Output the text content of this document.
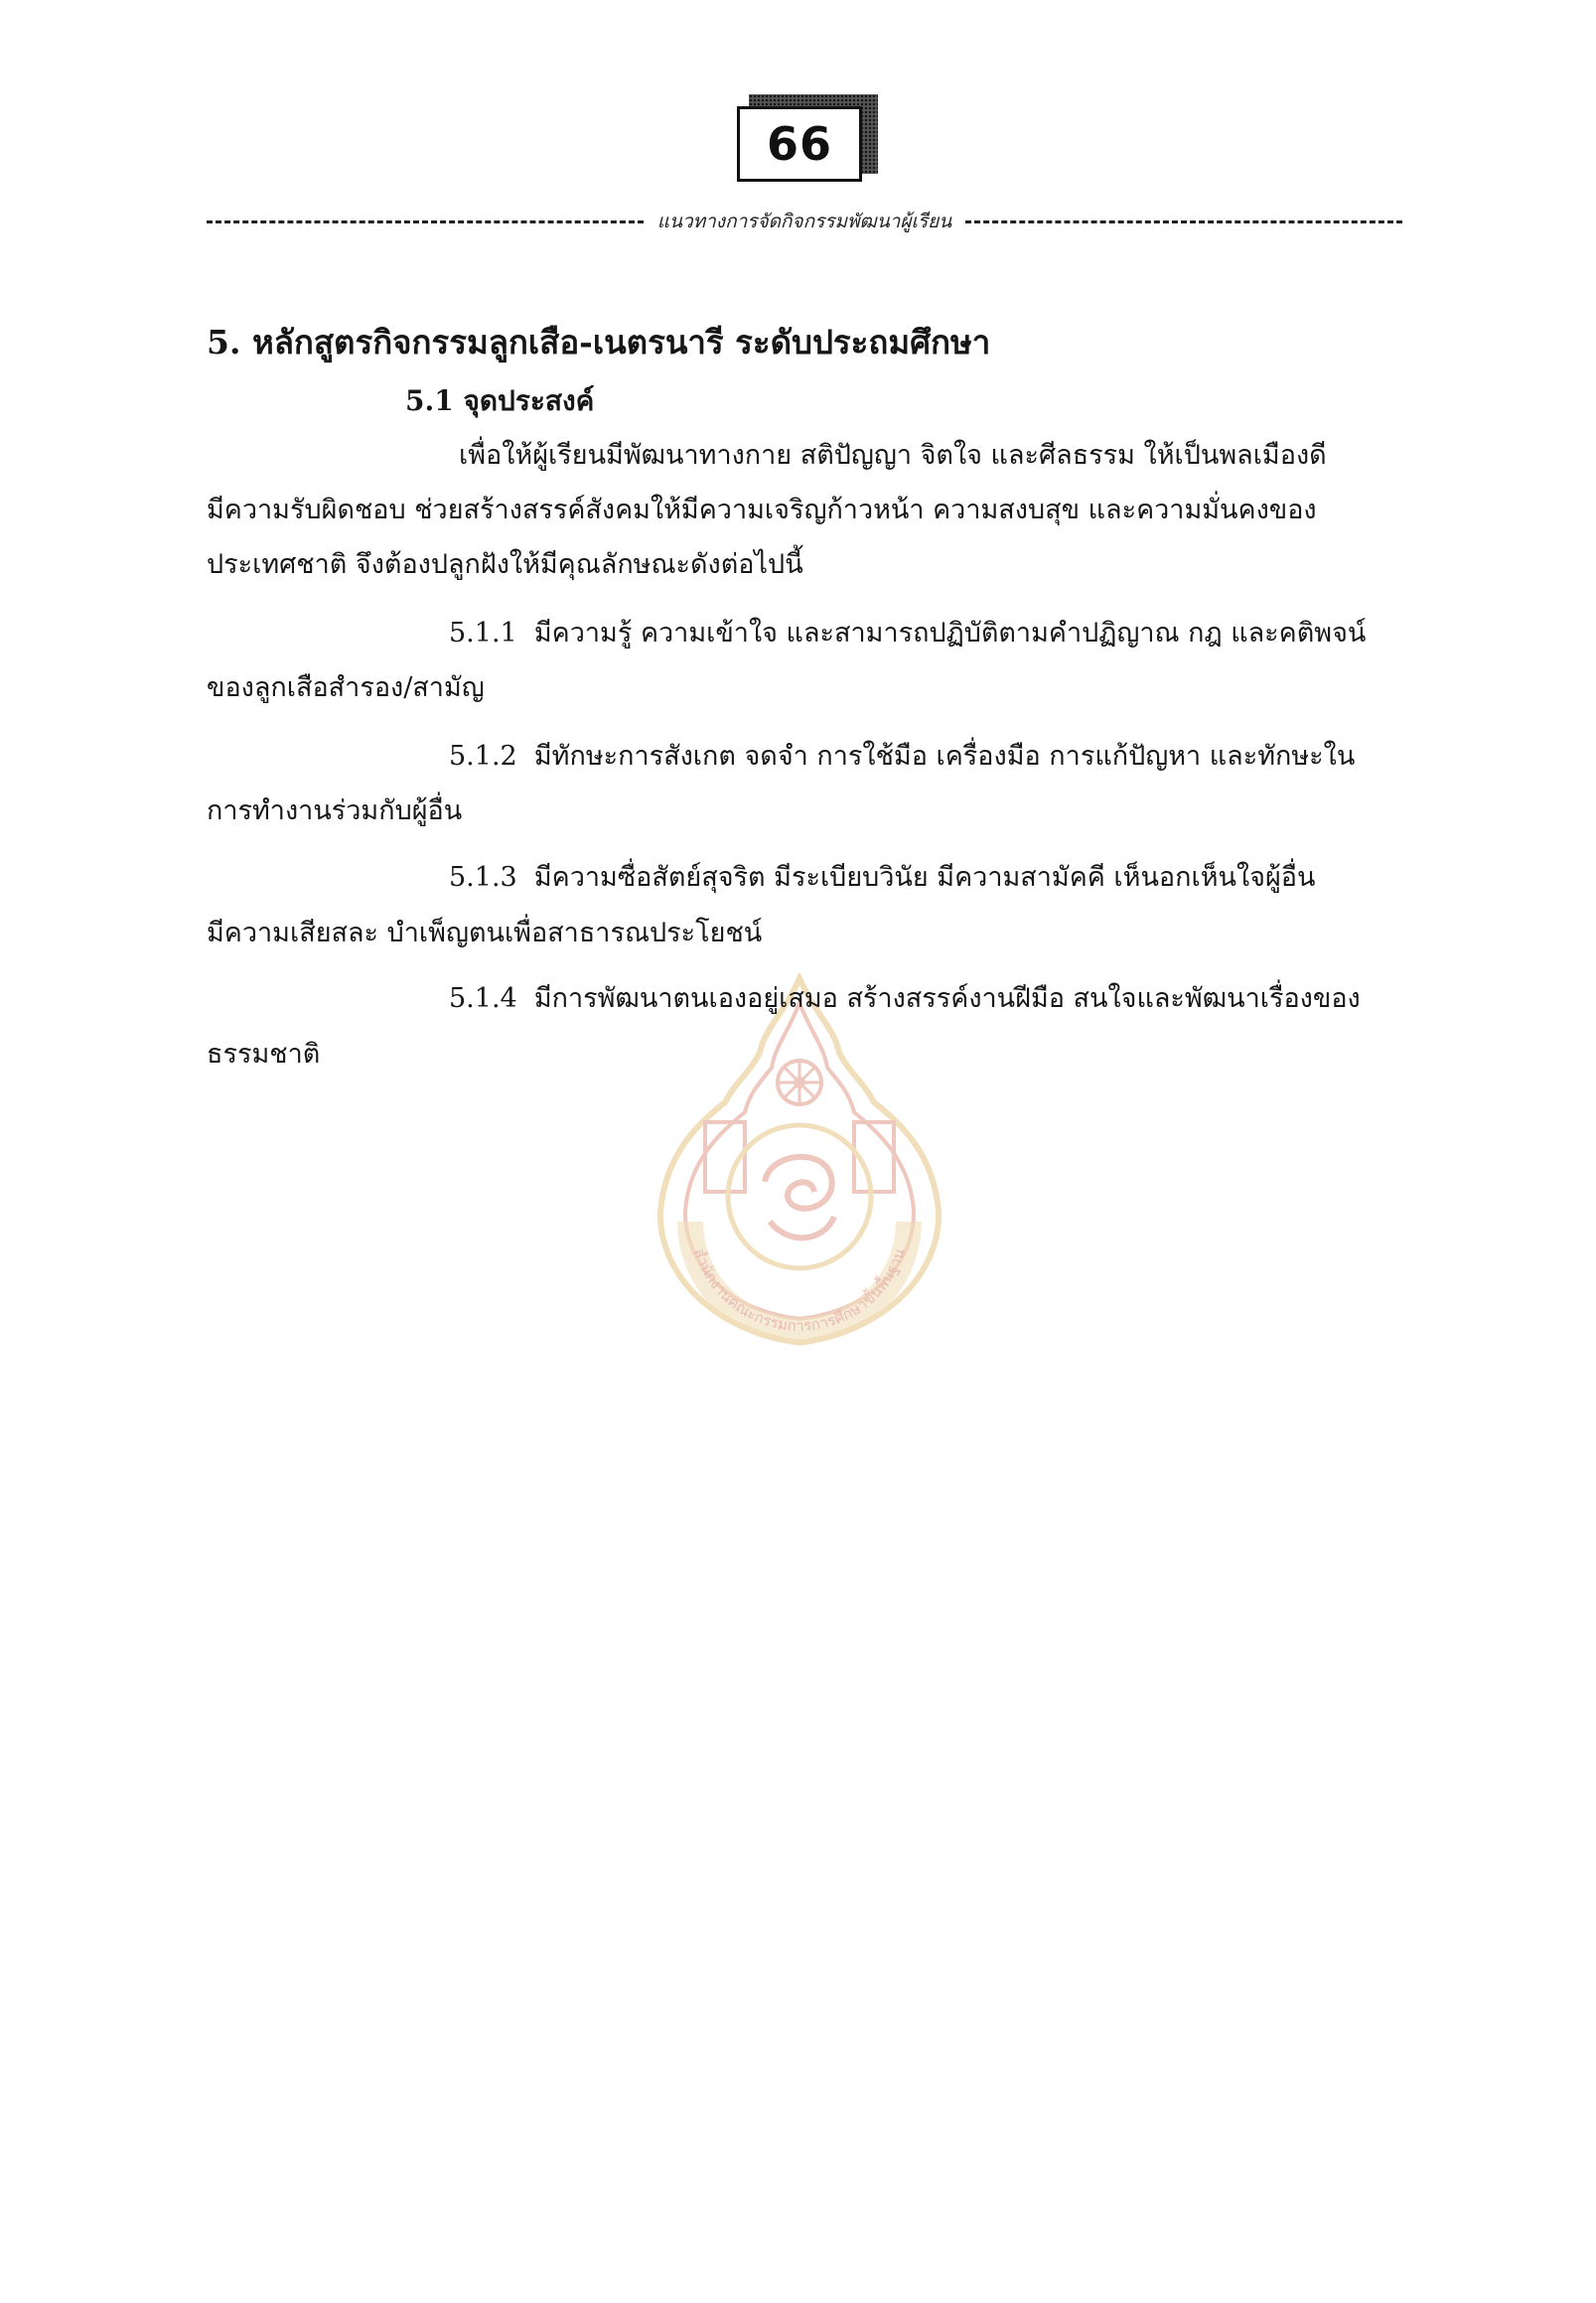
66
แนวทางการจัดกิจกรรมพัฒนาผู้เรียน
สำนักงานคณะกรรมการการศึกษาขั้นพื้นฐาน
5. หลักสูตรกิจกรรมลูกเสือ-เนตรนารี ระดับประถมศึกษา
5.1 จุดประสงค์
เพื่อให้ผู้เรียนมีพัฒนาทางกาย สติปัญญา จิตใจ และศีลธรรม ให้เป็นพลเมืองดี
มีความรับผิดชอบ ช่วยสร้างสรรค์สังคมให้มีความเจริญก้าวหน้า ความสงบสุข และความมั่นคงของ
ประเทศชาติ จึงต้องปลูกฝังให้มีคุณลักษณะดังต่อไปนี้
5.1.1 มีความรู้ ความเข้าใจ และสามารถปฏิบัติตามคำปฏิญาณ กฎ และคติพจน์
ของลูกเสือสำรอง/สามัญ
5.1.2 มีทักษะการสังเกต จดจำ การใช้มือ เครื่องมือ การแก้ปัญหา และทักษะใน
การทำงานร่วมกับผู้อื่น
5.1.3 มีความซื่อสัตย์สุจริต มีระเบียบวินัย มีความสามัคคี เห็นอกเห็นใจผู้อื่น
มีความเสียสละ บำเพ็ญตนเพื่อสาธารณประโยชน์
5.1.4 มีการพัฒนาตนเองอยู่เสมอ สร้างสรรค์งานฝีมือ สนใจและพัฒนาเรื่องของ
ธรรมชาติ
